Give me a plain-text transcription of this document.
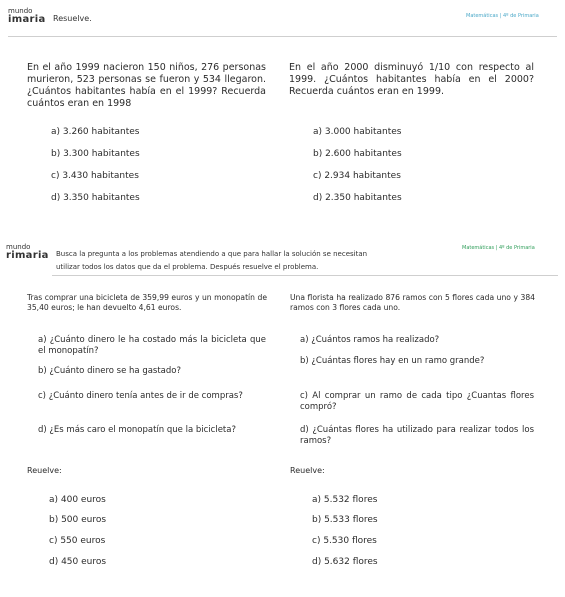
mundo
imaria Resuelve.	Matemáticas | 4º de Primaria
En el año 1999 nacieron 150 niños, 276 personas murieron, 523 personas se fueron y 534 llegaron. ¿Cuántos habitantes había en el 1999? Recuerda cuántos eran en 1998
En el año 2000 disminuyó 1/10 con respecto al 1999. ¿Cuántos habitantes había en el 2000? Recuerda cuántos eran en 1999.
a) 3.260 habitantes
b) 3.300 habitantes
c) 3.430 habitantes
d) 3.350 habitantes
a) 3.000 habitantes
b) 2.600 habitantes
c) 2.934 habitantes
d) 2.350 habitantes
mundo
rimaria Busca la pregunta a los problemas atendiendo a que para hallar la solución se necesitan
utilizar todos los datos que da el problema. Después resuelve el problema.
Matemáticas | 4º de Primaria
Tras comprar una bicicleta de 359,99 euros y un monopatín de 35,40 euros; le han devuelto 4,61 euros.
Una florista ha realizado 876 ramos con 5 flores cada uno y 384 ramos con 3 flores cada uno.
a) ¿Cuánto dinero le ha costado más la bicicleta que el monopatín?
b) ¿Cuánto dinero se ha gastado?
c) ¿Cuánto dinero tenía antes de ir de compras?
d) ¿Es más caro el monopatín que la bicicleta?
a) ¿Cuántos ramos ha realizado?
b) ¿Cuántas flores hay en un ramo grande?
c) Al comprar un ramo de cada tipo ¿Cuantas flores compró?
d) ¿Cuántas flores ha utilizado para realizar todos los ramos?
Reuelve:	Reuelve:
a) 400 euros
b) 500 euros
c) 550 euros
d) 450 euros
a) 5.532 flores
b) 5.533 flores
c) 5.530 flores
d) 5.632 flores
